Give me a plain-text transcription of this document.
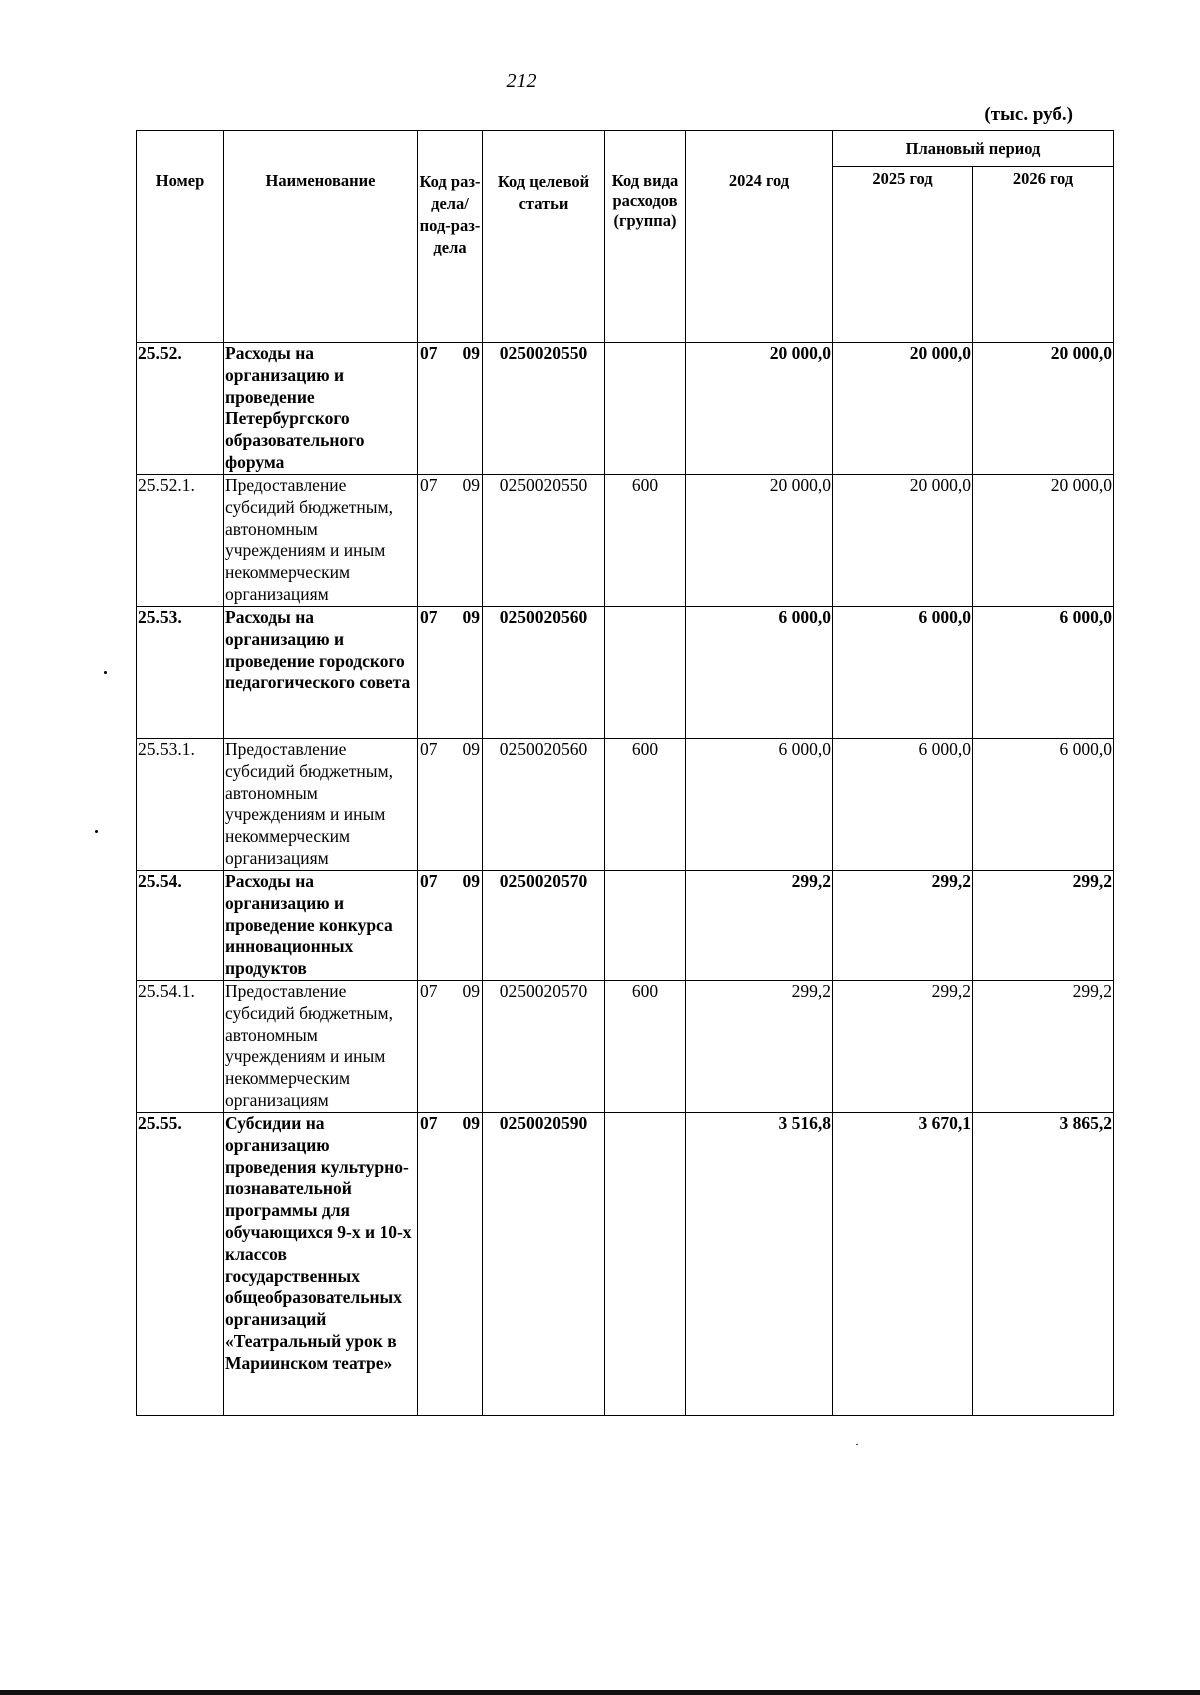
212
(тыс. руб.)
Номер	Наименование	Код раз-дела/ под-раз-дела	Код целевой статьи	Код вида расходов (группа)	2024 год	Плановый период	
						2025 год	2026 год
25.52.	Расходы на организацию и проведение Петербургского образовательного форума	07 09	0250020550		20 000,0	20 000,0	20 000,0
25.52.1.	Предоставление субсидий бюджетным, автономным учреждениям и иным некоммерческим организациям	07 09	0250020550	600	20 000,0	20 000,0	20 000,0
25.53.	Расходы на организацию и проведение городского педагогического совета	07 09	0250020560		6 000,0	6 000,0	6 000,0
25.53.1.	Предоставление субсидий бюджетным, автономным учреждениям и иным некоммерческим организациям	07 09	0250020560	600	6 000,0	6 000,0	6 000,0
25.54.	Расходы на организацию и проведение конкурса инновационных продуктов	07 09	0250020570		299,2	299,2	299,2
25.54.1.	Предоставление субсидий бюджетным, автономным учреждениям и иным некоммерческим организациям	07 09	0250020570	600	299,2	299,2	299,2
25.55.	Субсидии на организацию проведения культурно-познавательной программы для обучающихся 9-х и 10-х классов государственных общеобразовательных организаций «Театральный урок в Мариинском театре»	07 09	0250020590		3 516,8	3 670,1	3 865,2
